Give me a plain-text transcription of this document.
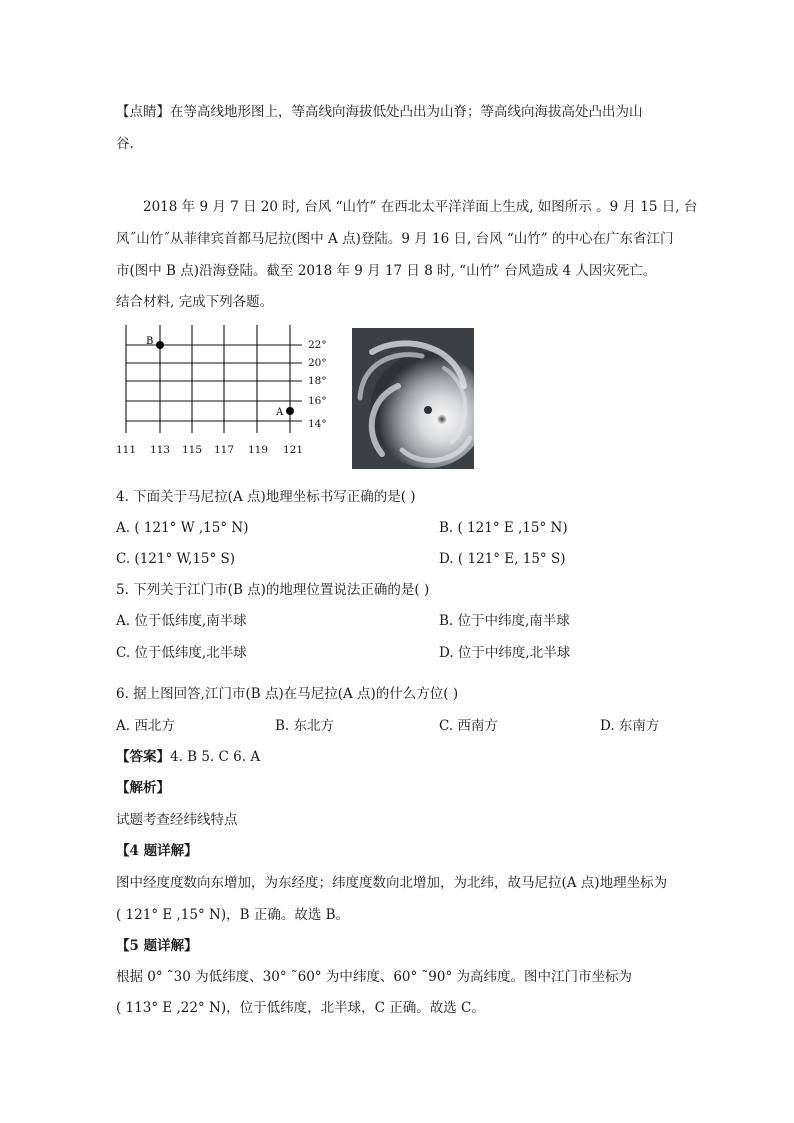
【点睛】在等高线地形图上，等高线向海拔低处凸出为山脊；等高线向海拔高处凸出为山
谷.
2018 年 9 月 7 日 20 时, 台风 “山竹” 在西北太平洋洋面上生成, 如图所示 。9 月 15 日, 台
风˝山竹˝从菲律宾首都马尼拉(图中 A 点)登陆。9 月 16 日, 台风 “山竹” 的中心在广东省江门
市(图中 B 点)沿海登陆。截至 2018 年 9 月 17 日 8 时, “山竹” 台风造成 4 人因灾死亡。
结合材料, 完成下列各题。
B
A
22°
20°
18°
16°
14°
111 113 115 117 119 121
4. 下面关于马尼拉(A 点)地理坐标书写正确的是( )
A. ( 121° W ,15° N)	B. ( 121° E ,15° N)
C. (121° W,15° S)	D. ( 121° E, 15° S)
5. 下列关于江门市(B 点)的地理位置说法正确的是( )
A. 位于低纬度,南半球	B. 位于中纬度,南半球
C. 位于低纬度,北半球	D. 位于中纬度,北半球
6. 据上图回答,江门市(B 点)在马尼拉(A 点)的什么方位( )
A. 西北方	B. 东北方	C. 西南方	D. 东南方
【答案】4. B 5. C 6. A
【解析】
试题考查经纬线特点
【4 题详解】
图中经度度数向东增加，为东经度；纬度度数向北增加，为北纬，故马尼拉(A 点)地理坐标为
( 121° E ,15° N)，B 正确。故选 B。
【5 题详解】
根据 0° ˜30 为低纬度、30° ˜60° 为中纬度、60° ˜90° 为高纬度。图中江门市坐标为
( 113° E ,22° N)，位于低纬度，北半球，C 正确。故选 C。
